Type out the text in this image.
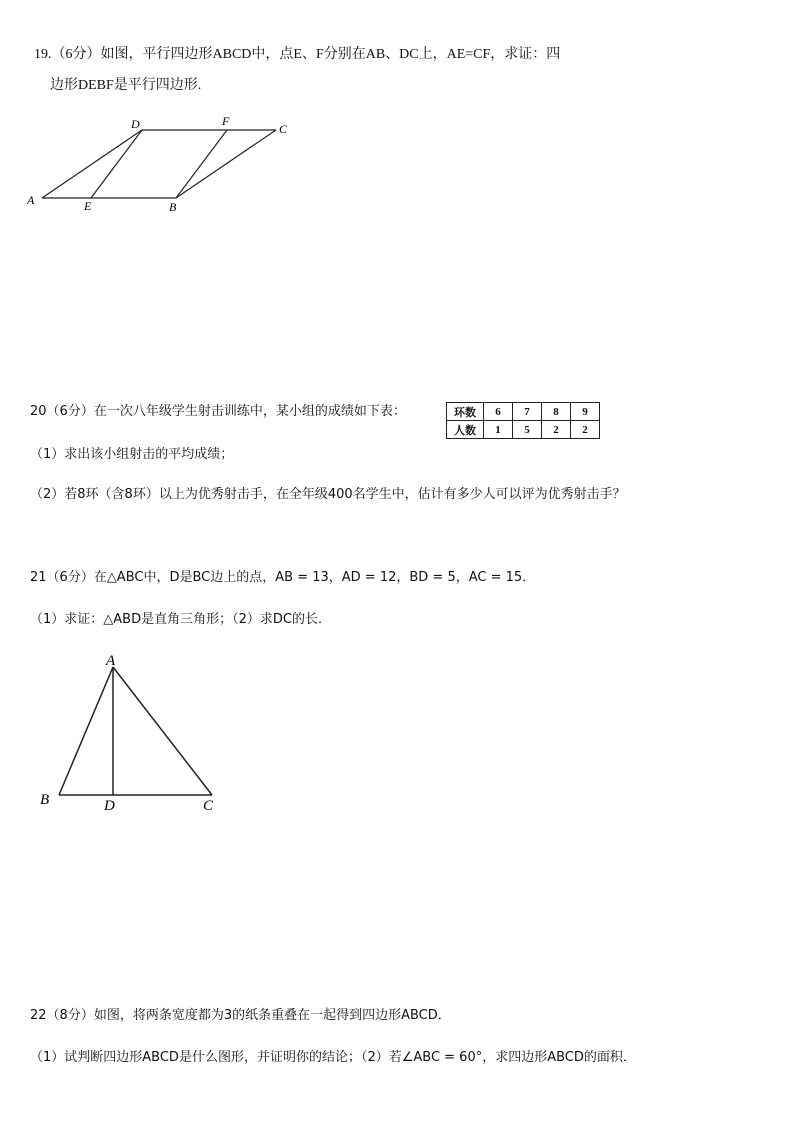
19.（6分）如图，平行四边形ABCD中，点E、F分别在AB、DC上，AE=CF，求证：四
边形DEBF是平行四边形.
A	E	B
D	F
C
20（6分）在一次八年级学生射击训练中，某小组的成绩如下表：	环数	6	7	8	9
人数	1	5	2	2
（1）求出该小组射击的平均成绩；
（2）若8环（含8环）以上为优秀射击手，在全年级400名学生中，估计有多少人可以评为优秀射击手？
21（6分）在△ABC中，D是BC边上的点，AB = 13，AD = 12，BD = 5，AC = 15．
（1）求证：△ABD是直角三角形；（2）求DC的长．
A
B	D	C
22（8分）如图，将两条宽度都为3的纸条重叠在一起得到四边形ABCD．
（1）试判断四边形ABCD是什么图形，并证明你的结论；（2）若∠ABC = 60°，求四边形ABCD的面积．
